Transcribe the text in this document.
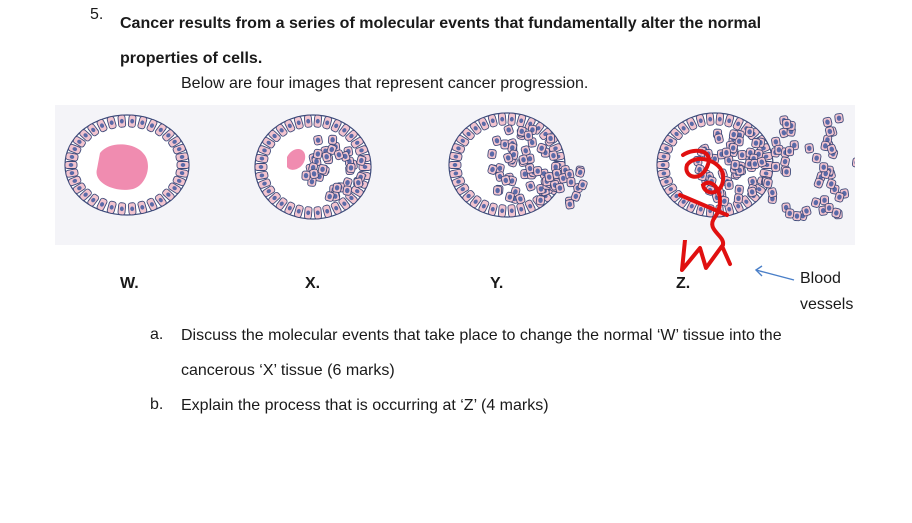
5.
Cancer results from a series of molecular events that fundamentally alter the normal properties of cells.
Below are four images that represent cancer progression.
Blood vessels
W.	X.	Y.	Z.
a. Discuss the molecular events that take place to change the normal ‘W’ tissue into the cancerous ‘X’ tissue (6 marks)
b. Explain the process that is occurring at ‘Z’ (4 marks)
